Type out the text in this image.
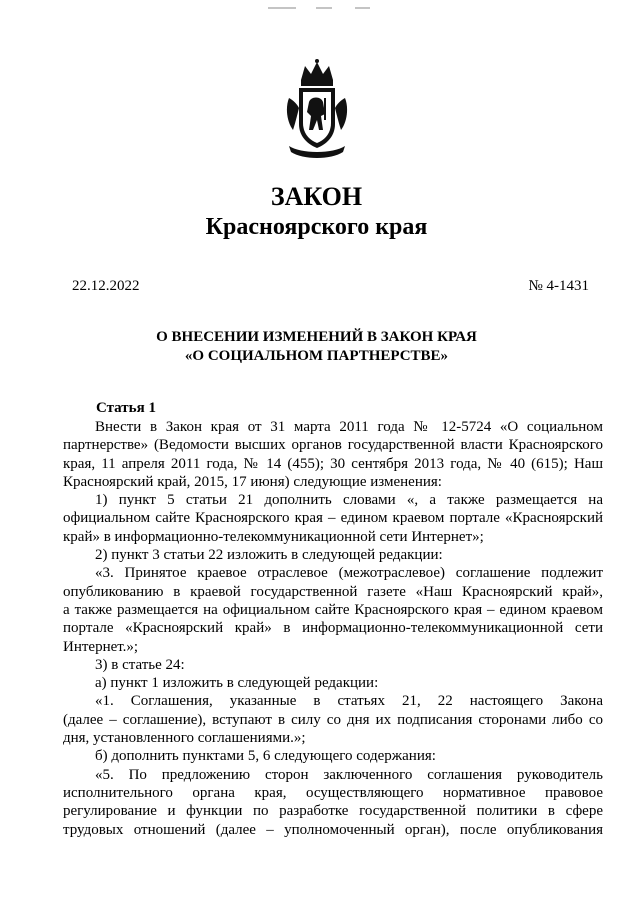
ЗАКОН
Красноярского края
22.12.2022	№ 4-1431
О ВНЕСЕНИИ ИЗМЕНЕНИЙ В ЗАКОН КРАЯ
«О СОЦИАЛЬНОМ ПАРТНЕРСТВЕ»
Статья 1
Внести в Закон края от 31 марта 2011 года № 12-5724 «О социальном
партнерстве» (Ведомости высших органов государственной власти Красноярского
края, 11 апреля 2011 года, № 14 (455); 30 сентября 2013 года, № 40 (615); Наш
Красноярский край, 2015, 17 июня) следующие изменения:
1) пункт 5 статьи 21 дополнить словами «, а также размещается на
официальном сайте Красноярского края – едином краевом портале «Красноярский
край» в информационно-телекоммуникационной сети Интернет»;
2) пункт 3 статьи 22 изложить в следующей редакции:
«3. Принятое краевое отраслевое (межотраслевое) соглашение подлежит
опубликованию в краевой государственной газете «Наш Красноярский край»,
а также размещается на официальном сайте Красноярского края – едином краевом
портале «Красноярский край» в информационно-телекоммуникационной сети
Интернет.»;
3) в статье 24:
а) пункт 1 изложить в следующей редакции:
«1. Соглашения, указанные в статьях 21, 22 настоящего Закона
(далее – соглашение), вступают в силу со дня их подписания сторонами либо со
дня, установленного соглашениями.»;
б) дополнить пунктами 5, 6 следующего содержания:
«5. По предложению сторон заключенного соглашения руководитель
исполнительного органа края, осуществляющего нормативное правовое
регулирование и функции по разработке государственной политики в сфере
трудовых отношений (далее – уполномоченный орган), после опубликования
